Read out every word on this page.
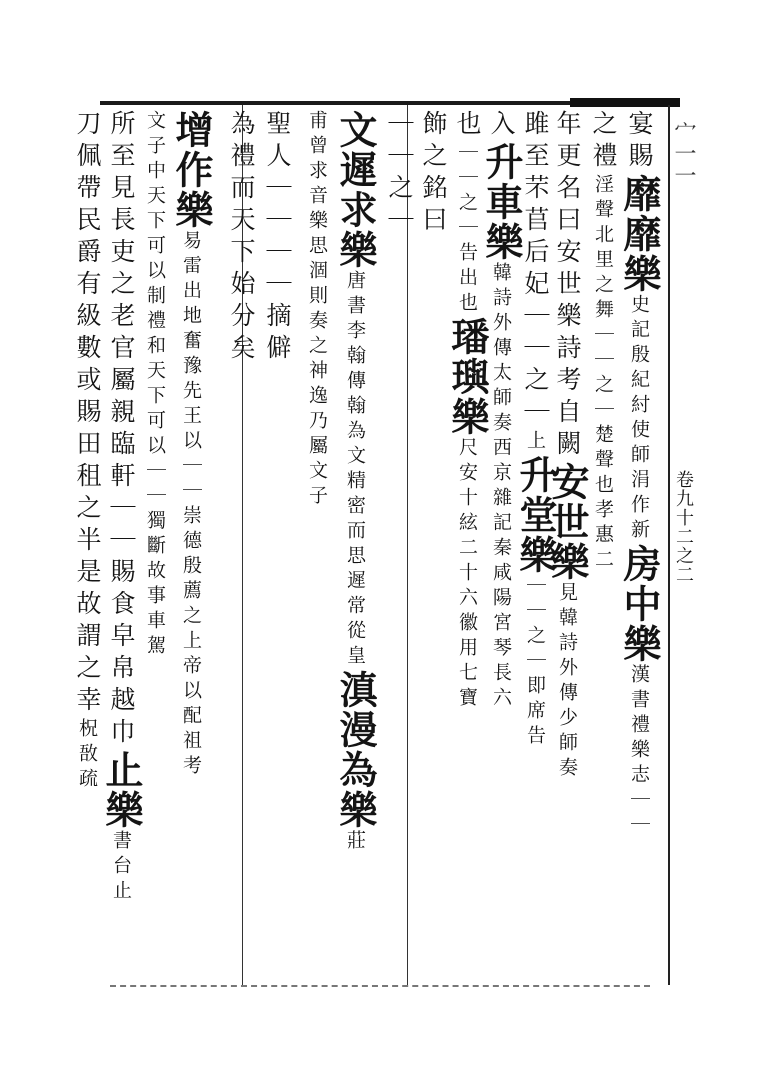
宀一一
卷九十二之二
宴賜靡靡樂史記殷紀紂使師涓作新房中樂漢書禮樂志｜｜
之禮淫聲北里之舞｜｜之｜楚聲也孝惠二
年更名曰安世樂詩考自闕安世樂見韓詩外傳少師奏
雎至芣苢后妃｜｜之｜上升堂樂｜｜之｜即席告
入升車樂韓詩外傳太師奏西京雜記秦咸陽宮琴長六
也｜｜之｜告出也璠璵樂尺安十絃二十六徽用七寶
飾之銘曰
｜｜之｜
文遲求樂唐書李翰傳翰為文精密而思遲常從皇滇漫為樂莊
甫曾求音樂思涸則奏之神逸乃屬文子
聖人｜｜｜｜摘僻
為禮而天下始分矣
增作樂易雷出地奮豫先王以｜｜崇德殷薦之上帝以配祖考
文子中天下可以制禮和天下可以｜｜獨斷故事車駕
所至見長吏之老官屬親臨軒｜｜賜食皁帛越巾止樂書台止
刀佩帶民爵有級數或賜田租之半是故謂之幸柷敔疏
